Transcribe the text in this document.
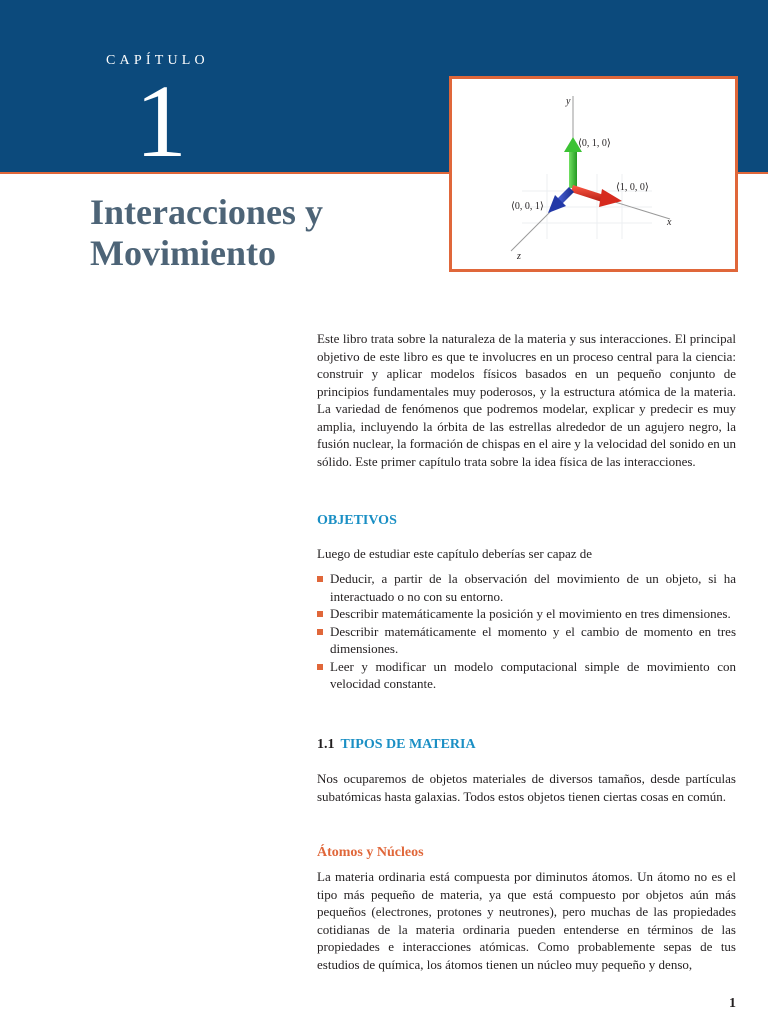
CAPÍTULO
1
Interacciones y
Movimiento
y
x
z
⟨0, 1, 0⟩
⟨1, 0, 0⟩
⟨0, 0, 1⟩

Este libro trata sobre la naturaleza de la materia y sus interacciones. El principal objetivo de este libro es que te involucres en un proceso central para la ciencia: construir y aplicar modelos físicos basados en un pequeño conjunto de principios fundamentales muy poderosos, y la estructura atómica de la materia. La variedad de fenómenos que podremos modelar, explicar y predecir es muy amplia, incluyendo la órbita de las estrellas alrededor de un agujero negro, la fusión nuclear, la formación de chispas en el aire y la velocidad del sonido en un sólido. Este primer capítulo trata sobre la idea física de las interacciones.

OBJETIVOS

Luego de estudiar este capítulo deberías ser capaz de

Deducir, a partir de la observación del movimiento de un objeto, si ha interactuado o no con su entorno.
Describir matemáticamente la posición y el movimiento en tres dimensiones.
Describir matemáticamente el momento y el cambio de momento en tres dimensiones.
Leer y modificar un modelo computacional simple de movimiento con velocidad constante.
1.1 TIPOS DE MATERIA

Nos ocuparemos de objetos materiales de diversos tamaños, desde partículas subatómicas hasta galaxias. Todos estos objetos tienen ciertas cosas en común.

Átomos y Núcleos

La materia ordinaria está compuesta por diminutos átomos. Un átomo no es el tipo más pequeño de materia, ya que está compuesto por objetos aún más pequeños (electrones, protones y neutrones), pero muchas de las propiedades cotidianas de la materia ordinaria pueden entenderse en términos de las propiedades e interacciones atómicas. Como probablemente sepas de tus estudios de química, los átomos tienen un núcleo muy pequeño y denso,

1
